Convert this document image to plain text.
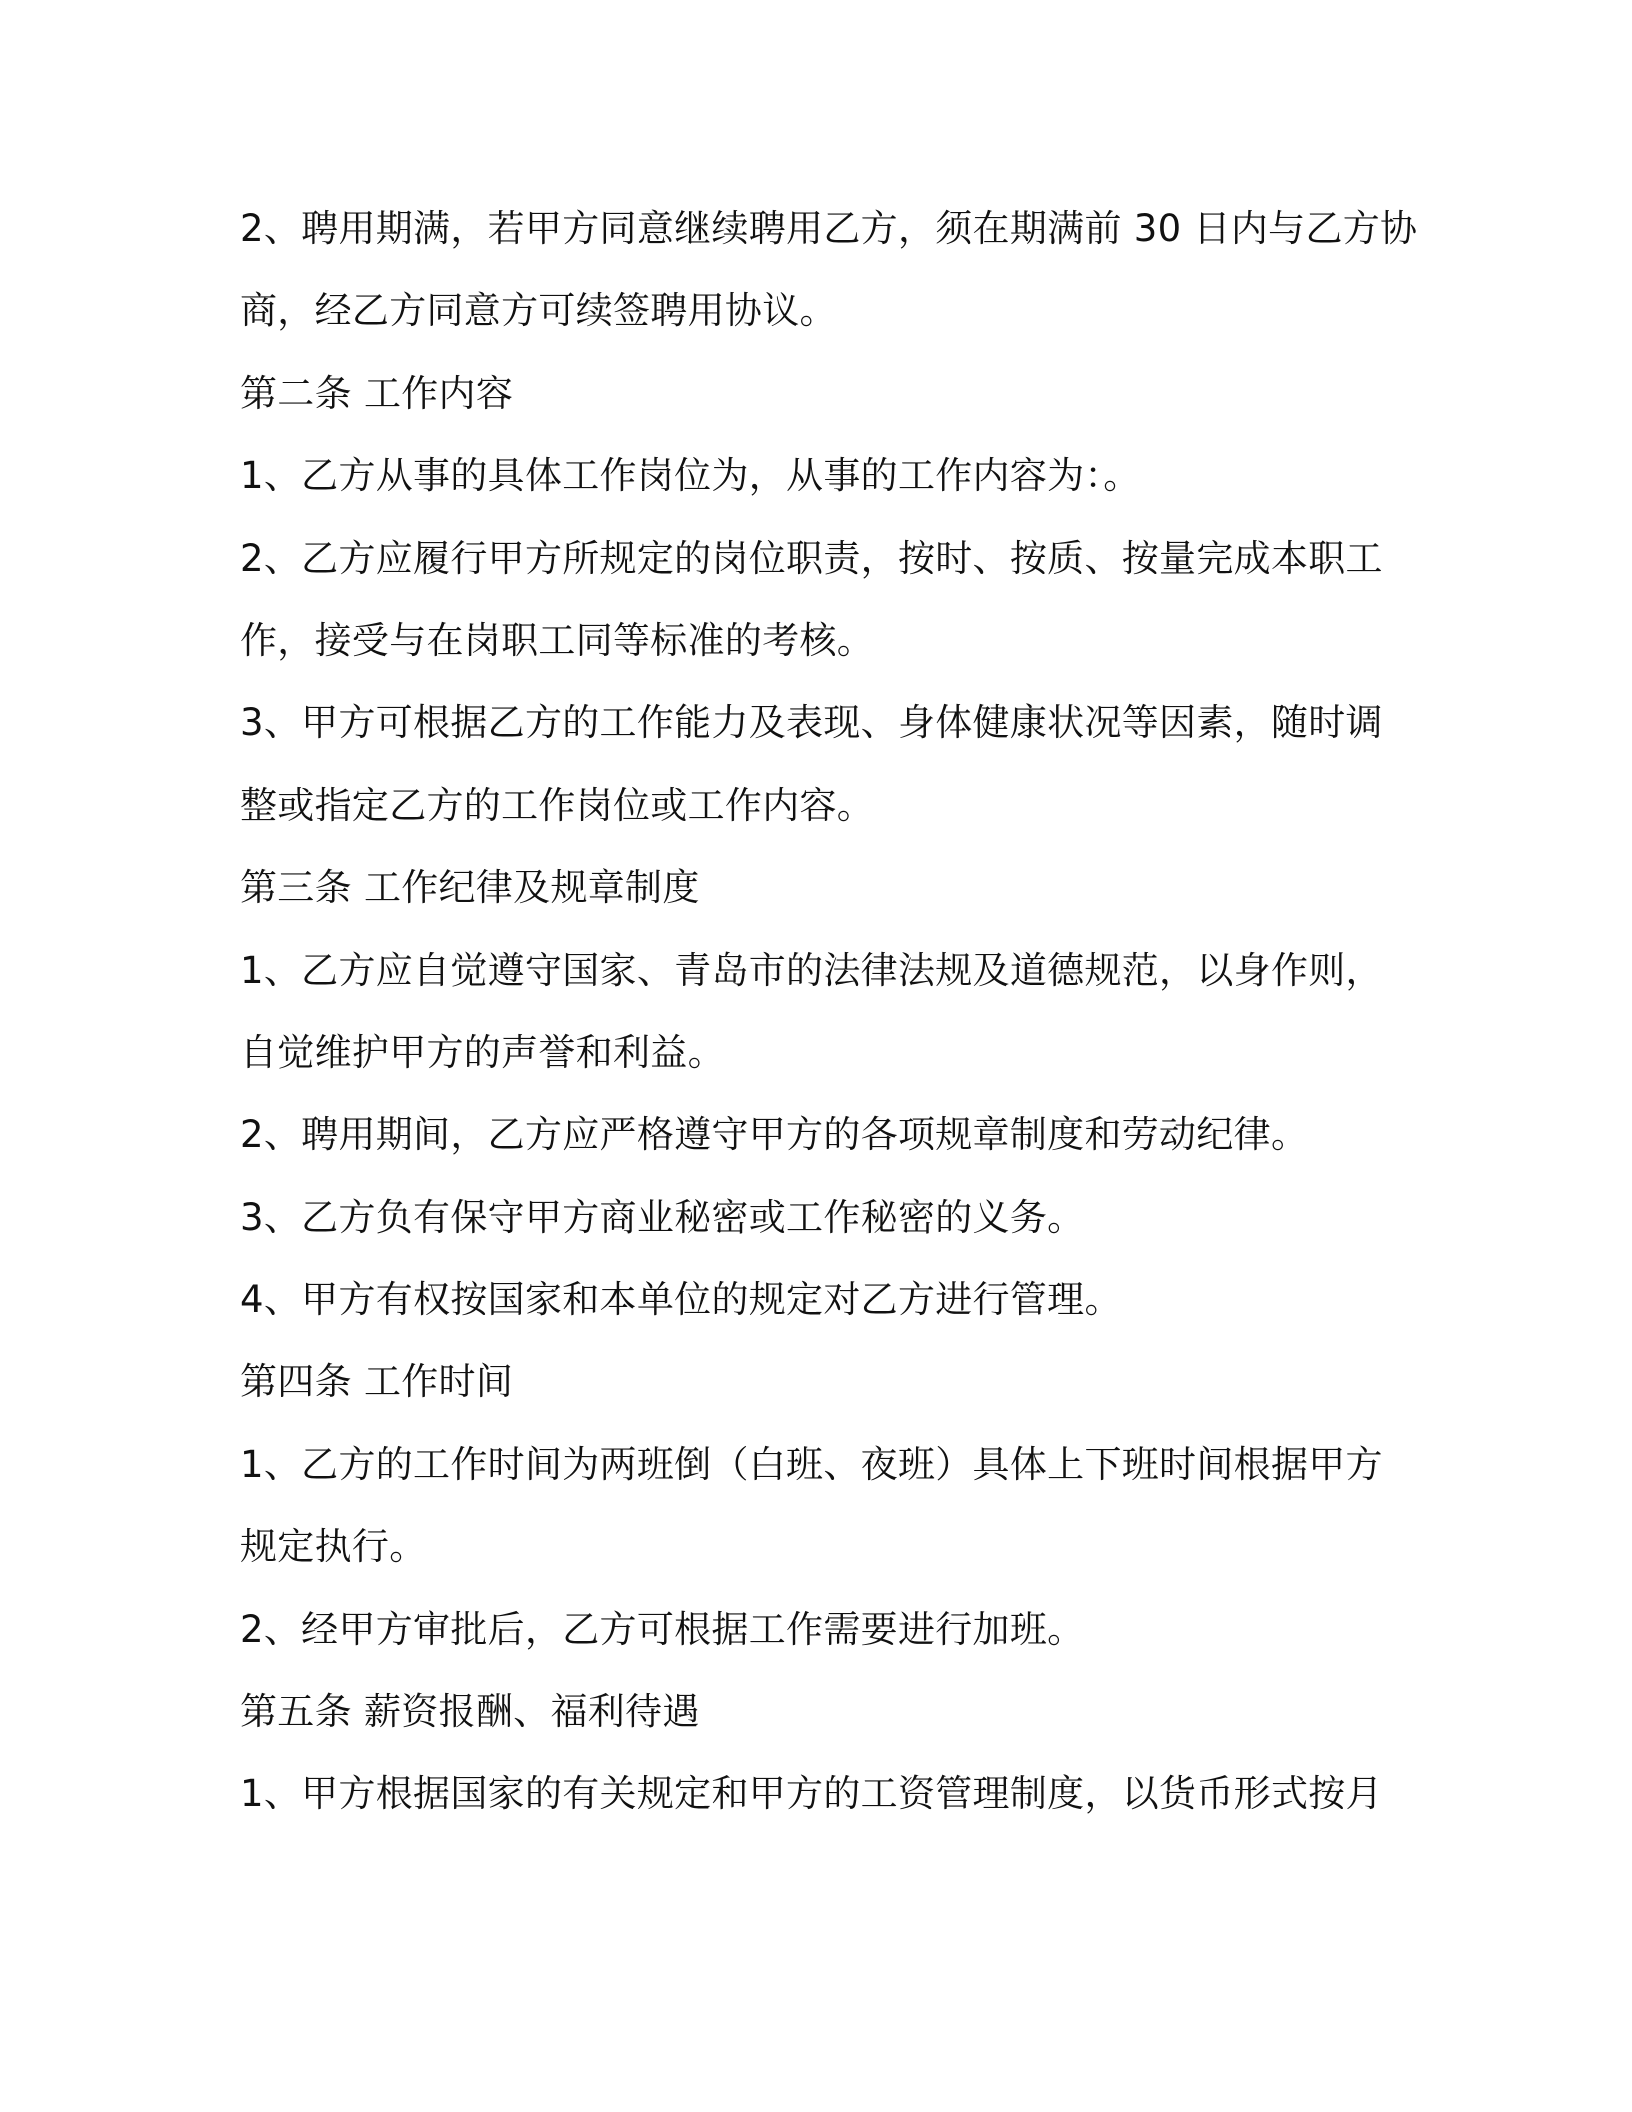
2、聘用期满，若甲方同意继续聘用乙方，须在期满前 30 日内与乙方协
商，经乙方同意方可续签聘用协议。
第二条 工作内容
1、乙方从事的具体工作岗位为，从事的工作内容为：。
2、乙方应履行甲方所规定的岗位职责，按时、按质、按量完成本职工
作，接受与在岗职工同等标准的考核。
3、甲方可根据乙方的工作能力及表现、身体健康状况等因素，随时调
整或指定乙方的工作岗位或工作内容。
第三条 工作纪律及规章制度
1、乙方应自觉遵守国家、青岛市的法律法规及道德规范，以身作则，
自觉维护甲方的声誉和利益。
2、聘用期间，乙方应严格遵守甲方的各项规章制度和劳动纪律。
3、乙方负有保守甲方商业秘密或工作秘密的义务。
4、甲方有权按国家和本单位的规定对乙方进行管理。
第四条 工作时间
1、乙方的工作时间为两班倒（白班、夜班）具体上下班时间根据甲方
规定执行。
2、经甲方审批后，乙方可根据工作需要进行加班。
第五条 薪资报酬、福利待遇
1、甲方根据国家的有关规定和甲方的工资管理制度，以货币形式按月
